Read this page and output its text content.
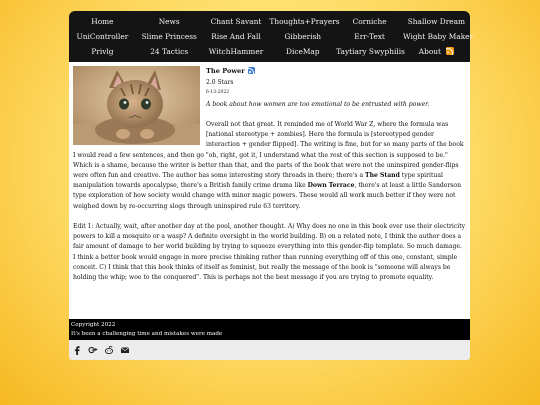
Home	News	Chant Savant	Thoughts+Prayers	Corniche	Shallow Dream
UniController	Slime Princess	Rise And Fall	Gibberish	Err-Text	Wight Baby Maker
Privlg	24 Tactics	WitchHammer	DiceMap	Taytiary Swyphilis	About
The Power
2.0 Stars
6-13-2022
A book about how women are too emotional to be entrusted with power.
Overall not that great. It reminded me of World War Z, where the formula was [national stereotype + zombies]. Here the formula is [stereotyped gender interaction + gender flipped]. The writing is fine, but for so many parts of the book I would read a few sentences, and then go "oh, right, got it, I understand what the rest of this section is supposed to be." Which is a shame, because the writer is better than that, and the parts of the book that were not the uninspired gender-flips were often fun and creative. The author has some interesting story threads in there; there's a The Stand type spiritual manipulation towards apocalypse, there's a British family crime drama like Down Terrace, there's at least a little Sanderson type exploration of how society would change with minor magic powers. These would all work much better if they were not weighed down by re-occurring slogs through uninspired rule 63 territory.
Edit 1: Actually, wait, after another day at the pool, another thought. A) Why does no one in this book ever use their electricity powers to kill a mosquito or a wasp? A definite oversight in the world building. B) on a related note, I think the author does a fair amount of damage to her world building by trying to squeeze everything into this gender-flip template. So much damage. I think a better book would engage in more precise thinking rather than running everything off of this one, constant, simple conceit. C) I think that this book thinks of itself as feminist, but really the message of the book is "someone will always be holding the whip; woe to the conquered". This is perhaps not the best message if you are trying to promote equality.
Copyright 2022
It's been a challenging time and mistakes were made
